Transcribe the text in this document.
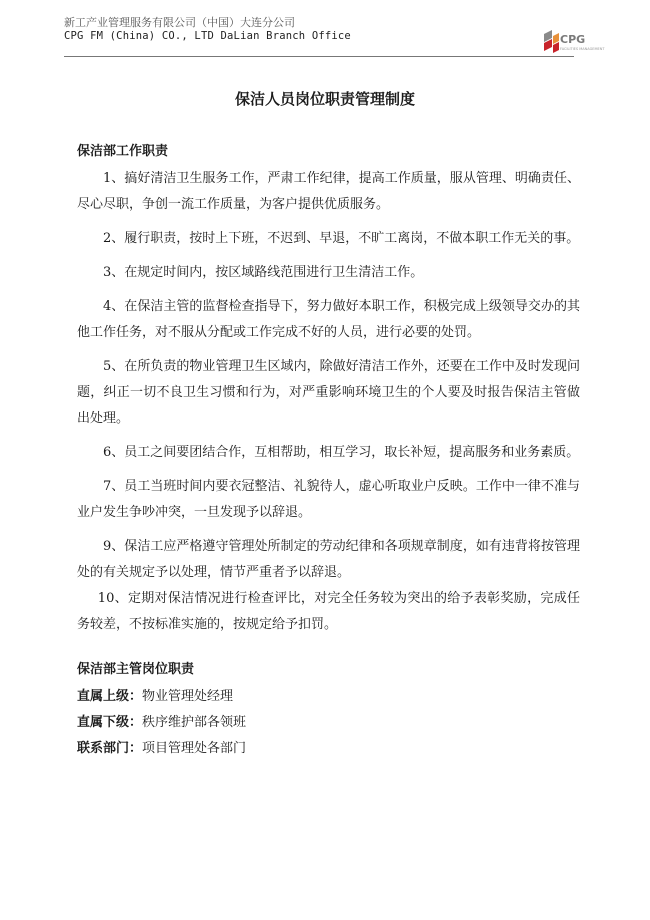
新工产业管理服务有限公司（中国）大连分公司
CPG FM (China) CO., LTD DaLian Branch Office	CPG
FACILITIES MANAGEMENT
保洁人员岗位职责管理制度
保洁部工作职责

1、搞好清洁卫生服务工作，严肃工作纪律，提高工作质量，服从管理、明确责任、尽心尽职，争创一流工作质量，为客户提供优质服务。

2、履行职责，按时上下班，不迟到、早退，不旷工离岗，不做本职工作无关的事。

3、在规定时间内，按区域路线范围进行卫生清洁工作。

4、在保洁主管的监督检查指导下，努力做好本职工作，积极完成上级领导交办的其他工作任务，对不服从分配或工作完成不好的人员，进行必要的处罚。

5、在所负责的物业管理卫生区域内，除做好清洁工作外，还要在工作中及时发现问题，纠正一切不良卫生习惯和行为，对严重影响环境卫生的个人要及时报告保洁主管做出处理。

6、员工之间要团结合作，互相帮助，相互学习，取长补短，提高服务和业务素质。

7、员工当班时间内要衣冠整洁、礼貌待人，虚心听取业户反映。工作中一律不准与业户发生争吵冲突，一旦发现予以辞退。

9、保洁工应严格遵守管理处所制定的劳动纪律和各项规章制度，如有违背将按管理处的有关规定予以处理，情节严重者予以辞退。

10、定期对保洁情况进行检查评比，对完全任务较为突出的给予表彰奖励，完成任务较差，不按标准实施的，按规定给予扣罚。

保洁部主管岗位职责

直属上级：物业管理处经理

直属下级：秩序维护部各领班

联系部门：项目管理处各部门
